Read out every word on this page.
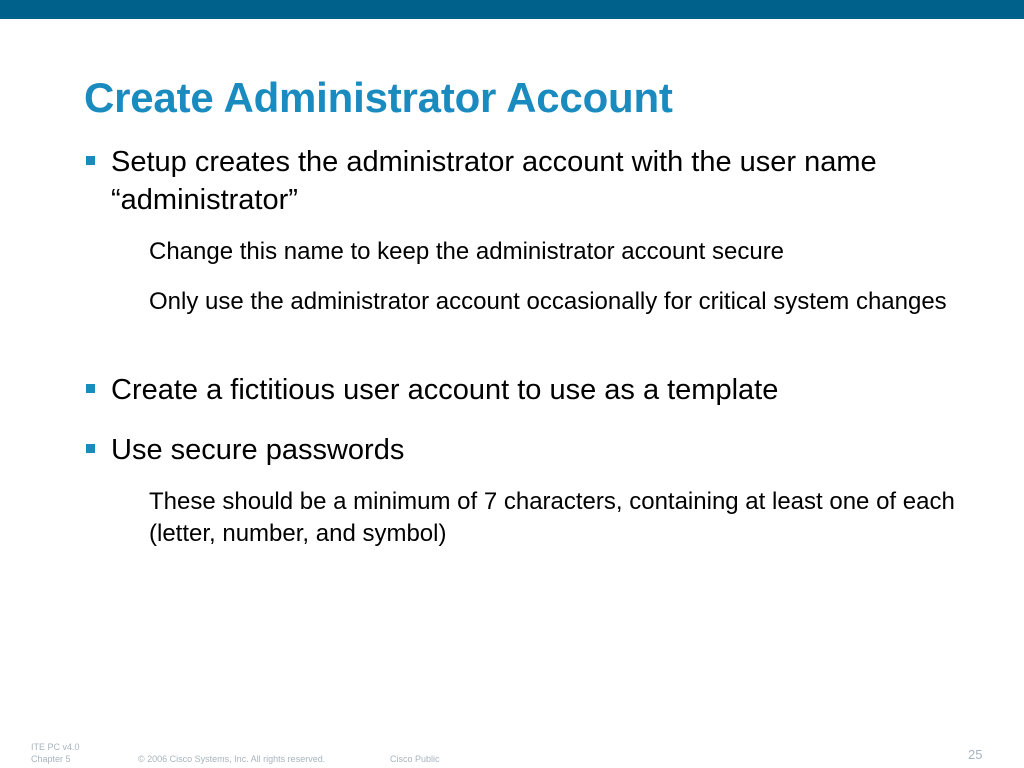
Create Administrator Account
Setup creates the administrator account with the user name “administrator”
Change this name to keep the administrator account secure
Only use the administrator account occasionally for critical system changes
Create a fictitious user account to use as a template
Use secure passwords
These should be a minimum of 7 characters, containing at least one of each (letter, number, and symbol)
ITE PC v4.0
Chapter 5	© 2006 Cisco Systems, Inc. All rights reserved.	Cisco Public	25
